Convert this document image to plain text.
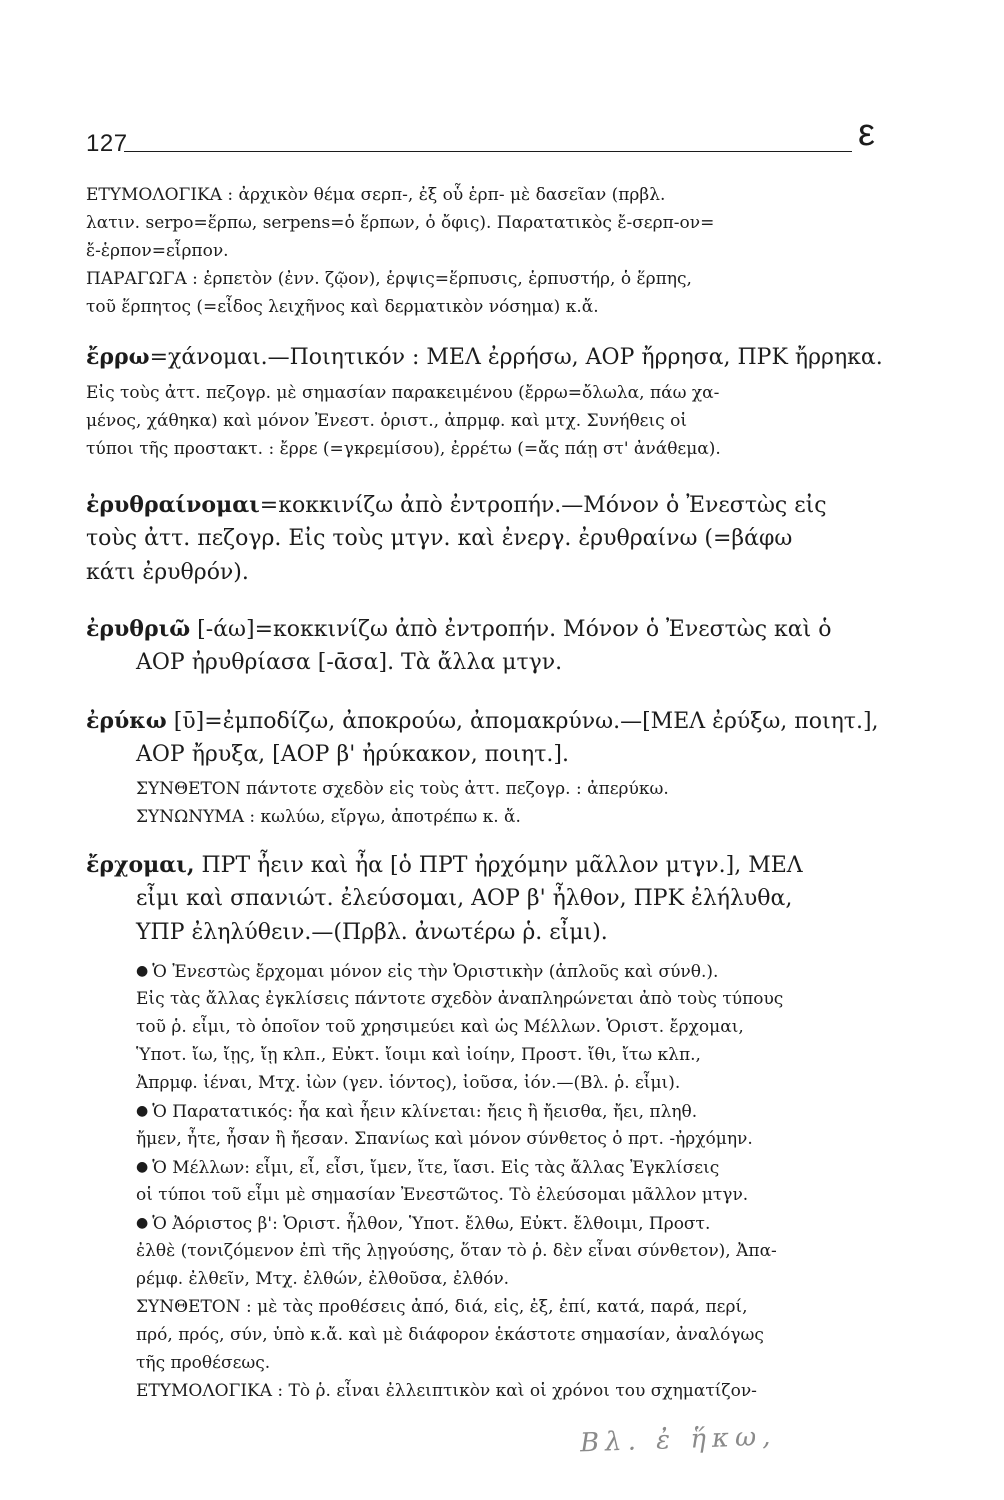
127	ε
ΕΤΥΜΟΛΟΓΙΚΑ : ἀρχικὸν θέμα σερπ-, ἐξ οὗ ἑρπ- μὲ δασεῖαν (πρβλ.
λατιν. serpo=ἕρπω, serpens=ὁ ἕρπων, ὁ ὄφις). Παρατατικὸς ἔ-σερπ-ον=
ἔ-ἑρπον=εἷρπον.
ΠΑΡΑΓΩΓΑ : ἑρπετὸν (ἐνν. ζῷον), ἑρψις=ἕρπυσις, ἑρπυστήρ, ὁ ἕρπης,
τοῦ ἕρπητος (=εἶδος λειχῆνος καὶ δερματικὸν νόσημα) κ.ἄ.
ἔρρω=χάνομαι.—Ποιητικόν : ΜΕΛ ἐρρήσω, ΑΟΡ ἤρρησα, ΠΡΚ ἤρρηκα.
Εἰς τοὺς ἀττ. πεζογρ. μὲ σημασίαν παρακειμένου (ἔρρω=ὄλωλα, πάω χα-
μένος, χάθηκα) καὶ μόνον Ἐνεστ. ὁριστ., ἀπρμφ. καὶ μτχ. Συνήθεις οἱ
τύποι τῆς προστακτ. : ἔρρε (=γκρεμίσου), ἐρρέτω (=ἄς πάῃ στ' ἀνάθεμα).
ἐρυθραίνομαι=κοκκινίζω ἀπὸ ἐντροπήν.—Μόνον ὁ Ἐνεστὼς εἰς
τοὺς ἀττ. πεζογρ. Εἰς τοὺς μτγν. καὶ ἐνεργ. ἐρυθραίνω (=βάφω
κάτι ἐρυθρόν).
ἐρυθριῶ [-άω]=κοκκινίζω ἀπὸ ἐντροπήν. Μόνον ὁ Ἐνεστὼς καὶ ὁ
ΑΟΡ ἠρυθρίασα [-ᾱσα]. Τὰ ἄλλα μτγν.
ἐρύκω [ῡ]=ἐμποδίζω, ἀποκρούω, ἀπομακρύνω.—[ΜΕΛ ἐρύξω, ποιητ.],
ΑΟΡ ἤρυξα, [ΑΟΡ β' ἠρύκακον, ποιητ.].
ΣΥΝΘΕΤΟΝ πάντοτε σχεδὸν εἰς τοὺς ἀττ. πεζογρ. : ἀπερύκω.
ΣΥΝΩΝΥΜΑ : κωλύω, εἴργω, ἀποτρέπω κ. ἄ.
ἔρχομαι, ΠΡΤ ἦειν καὶ ἦα [ὁ ΠΡΤ ἠρχόμην μᾶλλον μτγν.], ΜΕΛ
εἶμι καὶ σπανιώτ. ἐλεύσομαι, ΑΟΡ β' ἦλθον, ΠΡΚ ἐλήλυθα,
ΥΠΡ ἐληλύθειν.—(Πρβλ. ἀνωτέρω ῥ. εἶμι).
● Ὁ Ἐνεστὼς ἔρχομαι μόνον εἰς τὴν Ὁριστικὴν (ἁπλοῦς καὶ σύνθ.).
Εἰς τὰς ἄλλας ἐγκλίσεις πάντοτε σχεδὸν ἀναπληρώνεται ἀπὸ τοὺς τύπους
τοῦ ῥ. εἶμι, τὸ ὁποῖον τοῦ χρησιμεύει καὶ ὡς Μέλλων. Ὁριστ. ἔρχομαι,
Ὑποτ. ἴω, ἴῃς, ἴῃ κλπ., Εὐκτ. ἴοιμι καὶ ἰοίην, Προστ. ἴθι, ἴτω κλπ.,
Ἀπρμφ. ἰέναι, Μτχ. ἰὼν (γεν. ἰόντος), ἰοῦσα, ἰόν.—(Βλ. ῥ. εἶμι).
● Ὁ Παρατατικός: ἦα καὶ ἦειν κλίνεται: ἤεις ἢ ἤεισθα, ἤει, πληθ.
ἤμεν, ἦτε, ἦσαν ἢ ἤεσαν. Σπανίως καὶ μόνον σύνθετος ὁ πρτ. -ἠρχόμην.
● Ὁ Μέλλων: εἶμι, εἶ, εἶσι, ἴμεν, ἴτε, ἴασι. Εἰς τὰς ἄλλας Ἐγκλίσεις
οἱ τύποι τοῦ εἶμι μὲ σημασίαν Ἐνεστῶτος. Τὸ ἐλεύσομαι μᾶλλον μτγν.
● Ὁ Ἀόριστος β': Ὁριστ. ἦλθον, Ὑποτ. ἔλθω, Εὐκτ. ἔλθοιμι, Προστ.
ἐλθὲ (τονιζόμενον ἐπὶ τῆς λῃγούσης, ὅταν τὸ ῥ. δὲν εἶναι σύνθετον), Ἀπα-
ρέμφ. ἐλθεῖν, Μτχ. ἐλθών, ἐλθοῦσα, ἐλθόν.
ΣΥΝΘΕΤΟΝ : μὲ τὰς προθέσεις ἀπό, διά, εἰς, ἐξ, ἐπί, κατά, παρά, περί,
πρό, πρός, σύν, ὑπὸ κ.ἄ. καὶ μὲ διάφορον ἑκάστοτε σημασίαν, ἀναλόγως
τῆς προθέσεως.
ΕΤΥΜΟΛΟΓΙΚΑ : Τὸ ῥ. εἶναι ἐλλειπτικὸν καὶ οἱ χρόνοι του σχηματίζον-
Βλ. ἐ ἥκω,
